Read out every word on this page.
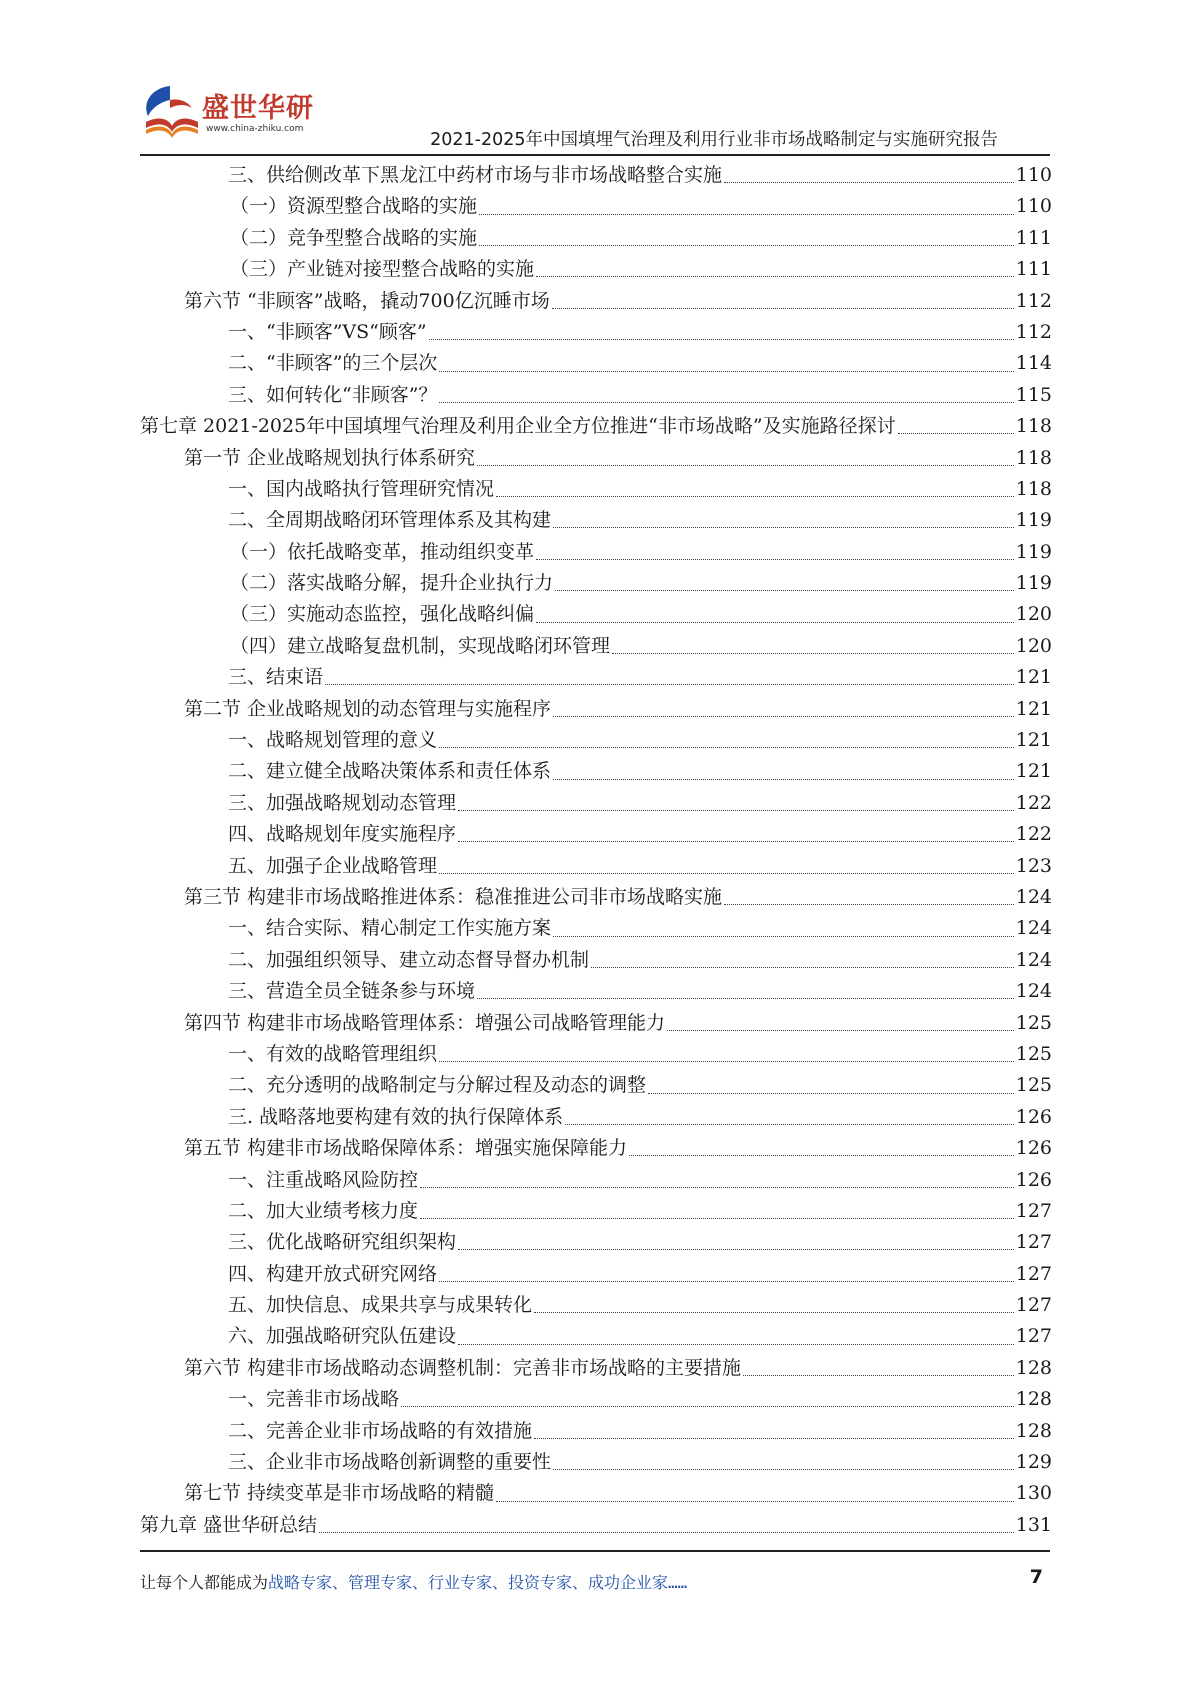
盛世华研
www.china-zhiku.com
2021-2025年中国填埋气治理及利用行业非市场战略制定与实施研究报告
三、供给侧改革下黑龙江中药材市场与非市场战略整合实施	110
（一）资源型整合战略的实施	110
（二）竞争型整合战略的实施	111
（三）产业链对接型整合战略的实施	111
第六节 “非顾客”战略，撬动700亿沉睡市场	112
一、“非顾客”VS“顾客”	112
二、“非顾客”的三个层次	114
三、如何转化“非顾客”？	115
第七章 2021-2025年中国填埋气治理及利用企业全方位推进“非市场战略”及实施路径探讨	118
第一节 企业战略规划执行体系研究	118
一、国内战略执行管理研究情况	118
二、全周期战略闭环管理体系及其构建	119
（一）依托战略变革，推动组织变革	119
（二）落实战略分解，提升企业执行力	119
（三）实施动态监控，强化战略纠偏	120
（四）建立战略复盘机制，实现战略闭环管理	120
三、结束语	121
第二节 企业战略规划的动态管理与实施程序	121
一、战略规划管理的意义	121
二、建立健全战略决策体系和责任体系	121
三、加强战略规划动态管理	122
四、战略规划年度实施程序	122
五、加强子企业战略管理	123
第三节 构建非市场战略推进体系：稳准推进公司非市场战略实施	124
一、结合实际、精心制定工作实施方案	124
二、加强组织领导、建立动态督导督办机制	124
三、营造全员全链条参与环境	124
第四节 构建非市场战略管理体系：增强公司战略管理能力	125
一、有效的战略管理组织	125
二、充分透明的战略制定与分解过程及动态的调整	125
三. 战略落地要构建有效的执行保障体系	126
第五节 构建非市场战略保障体系：增强实施保障能力	126
一、注重战略风险防控	126
二、加大业绩考核力度	127
三、优化战略研究组织架构	127
四、构建开放式研究网络	127
五、加快信息、成果共享与成果转化	127
六、加强战略研究队伍建设	127
第六节 构建非市场战略动态调整机制：完善非市场战略的主要措施	128
一、完善非市场战略	128
二、完善企业非市场战略的有效措施	128
三、企业非市场战略创新调整的重要性	129
第七节 持续变革是非市场战略的精髓	130
第九章 盛世华研总结	131
让每个人都能成为战略专家、管理专家、行业专家、投资专家、成功企业家……	7
